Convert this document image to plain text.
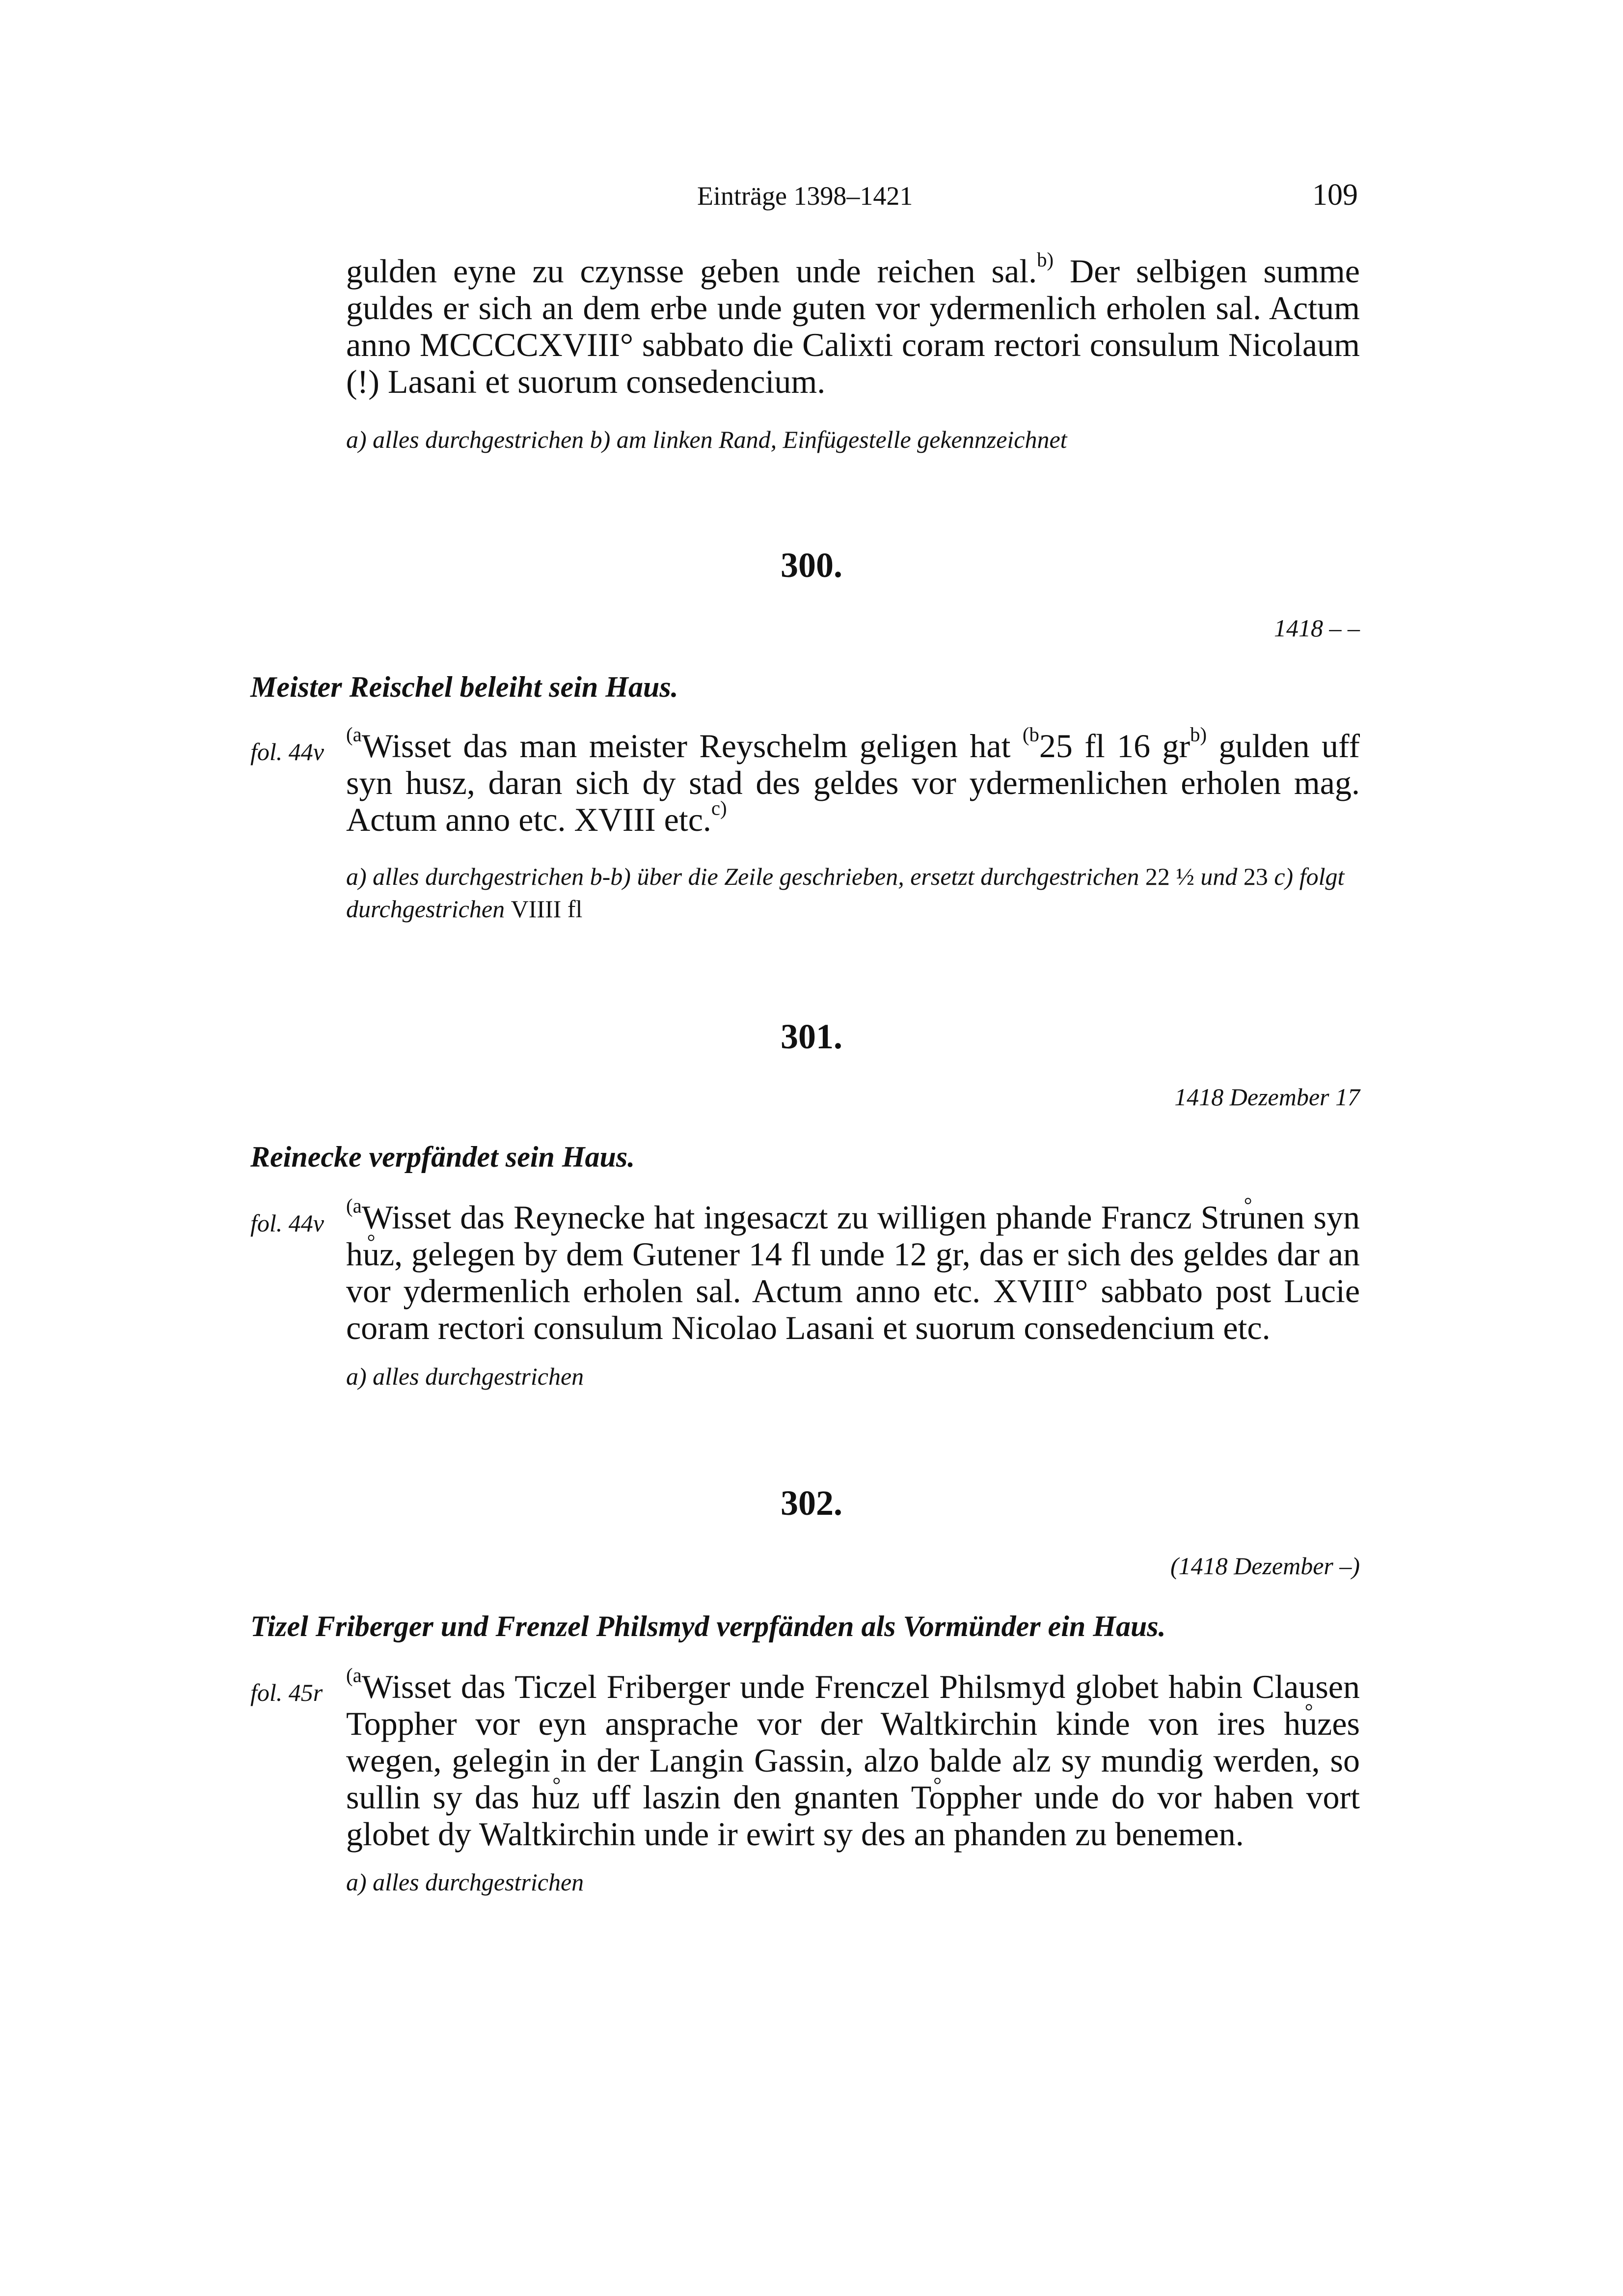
Einträge 1398–1421	109
gulden eyne zu czynsse geben unde reichen sal.$^{b)}$ Der selbigen summe guldes er sich an dem erbe unde guten vor ydermenlich erholen sal. Actum anno MCCCCXVIII° sabbato die Calixti coram rectori consulum Nicolaum (!) Lasani et suorum consedencium.
a) alles durchgestrichen b) am linken Rand, Einfügestelle gekennzeichnet
300.
1418 – –
Meister Reischel beleiht sein Haus.
fol. 44v
$^{(a}$Wisset das man meister Reyschelm geligen hat $^{(b}$25 fl 16 $gr^{b)}$ gulden uff syn husz, daran sich dy stad des geldes vor ydermenlichen erholen mag. Actum anno etc. XVIII etc.$^{c)}$
a) alles durchgestrichen b-b) über die Zeile geschrieben, ersetzt durchgestrichen 22 ½ und 23 c) folgt durchgestrichen VIIII fl
301.
1418 Dezember 17
Reinecke verpfändet sein Haus.
fol. 44v
$^{(a}$Wisset das Reynecke hat ingesaczt zu willigen phande Francz Stru °nen syn hu °z, gelegen by dem Gutener 14 fl unde 12 gr, das er sich des geldes dar an vor ydermenlich erholen sal. Actum anno etc. XVIII° sabbato post Lucie coram rectori consulum Nicolao Lasani et suorum consedencium etc.
a) alles durchgestrichen
302.
(1418 Dezember –)
Tizel Friberger und Frenzel Philsmyd verpfänden als Vormünder ein Haus.
fol. 45r
$^{(a}$Wisset das Ticzel Friberger unde Frenczel Philsmyd globet habin Clausen Toppher vor eyn ansprache vor der Waltkirchin kinde von ires hu °zes wegen, gelegin in der Langin Gassin, alzo balde alz sy mundig werden, so sullin sy das hu °z uff laszin den gnanten To °ppher unde do vor haben vort globet dy Waltkirchin unde ir ewirt sy des an phanden zu benemen.
a) alles durchgestrichen
